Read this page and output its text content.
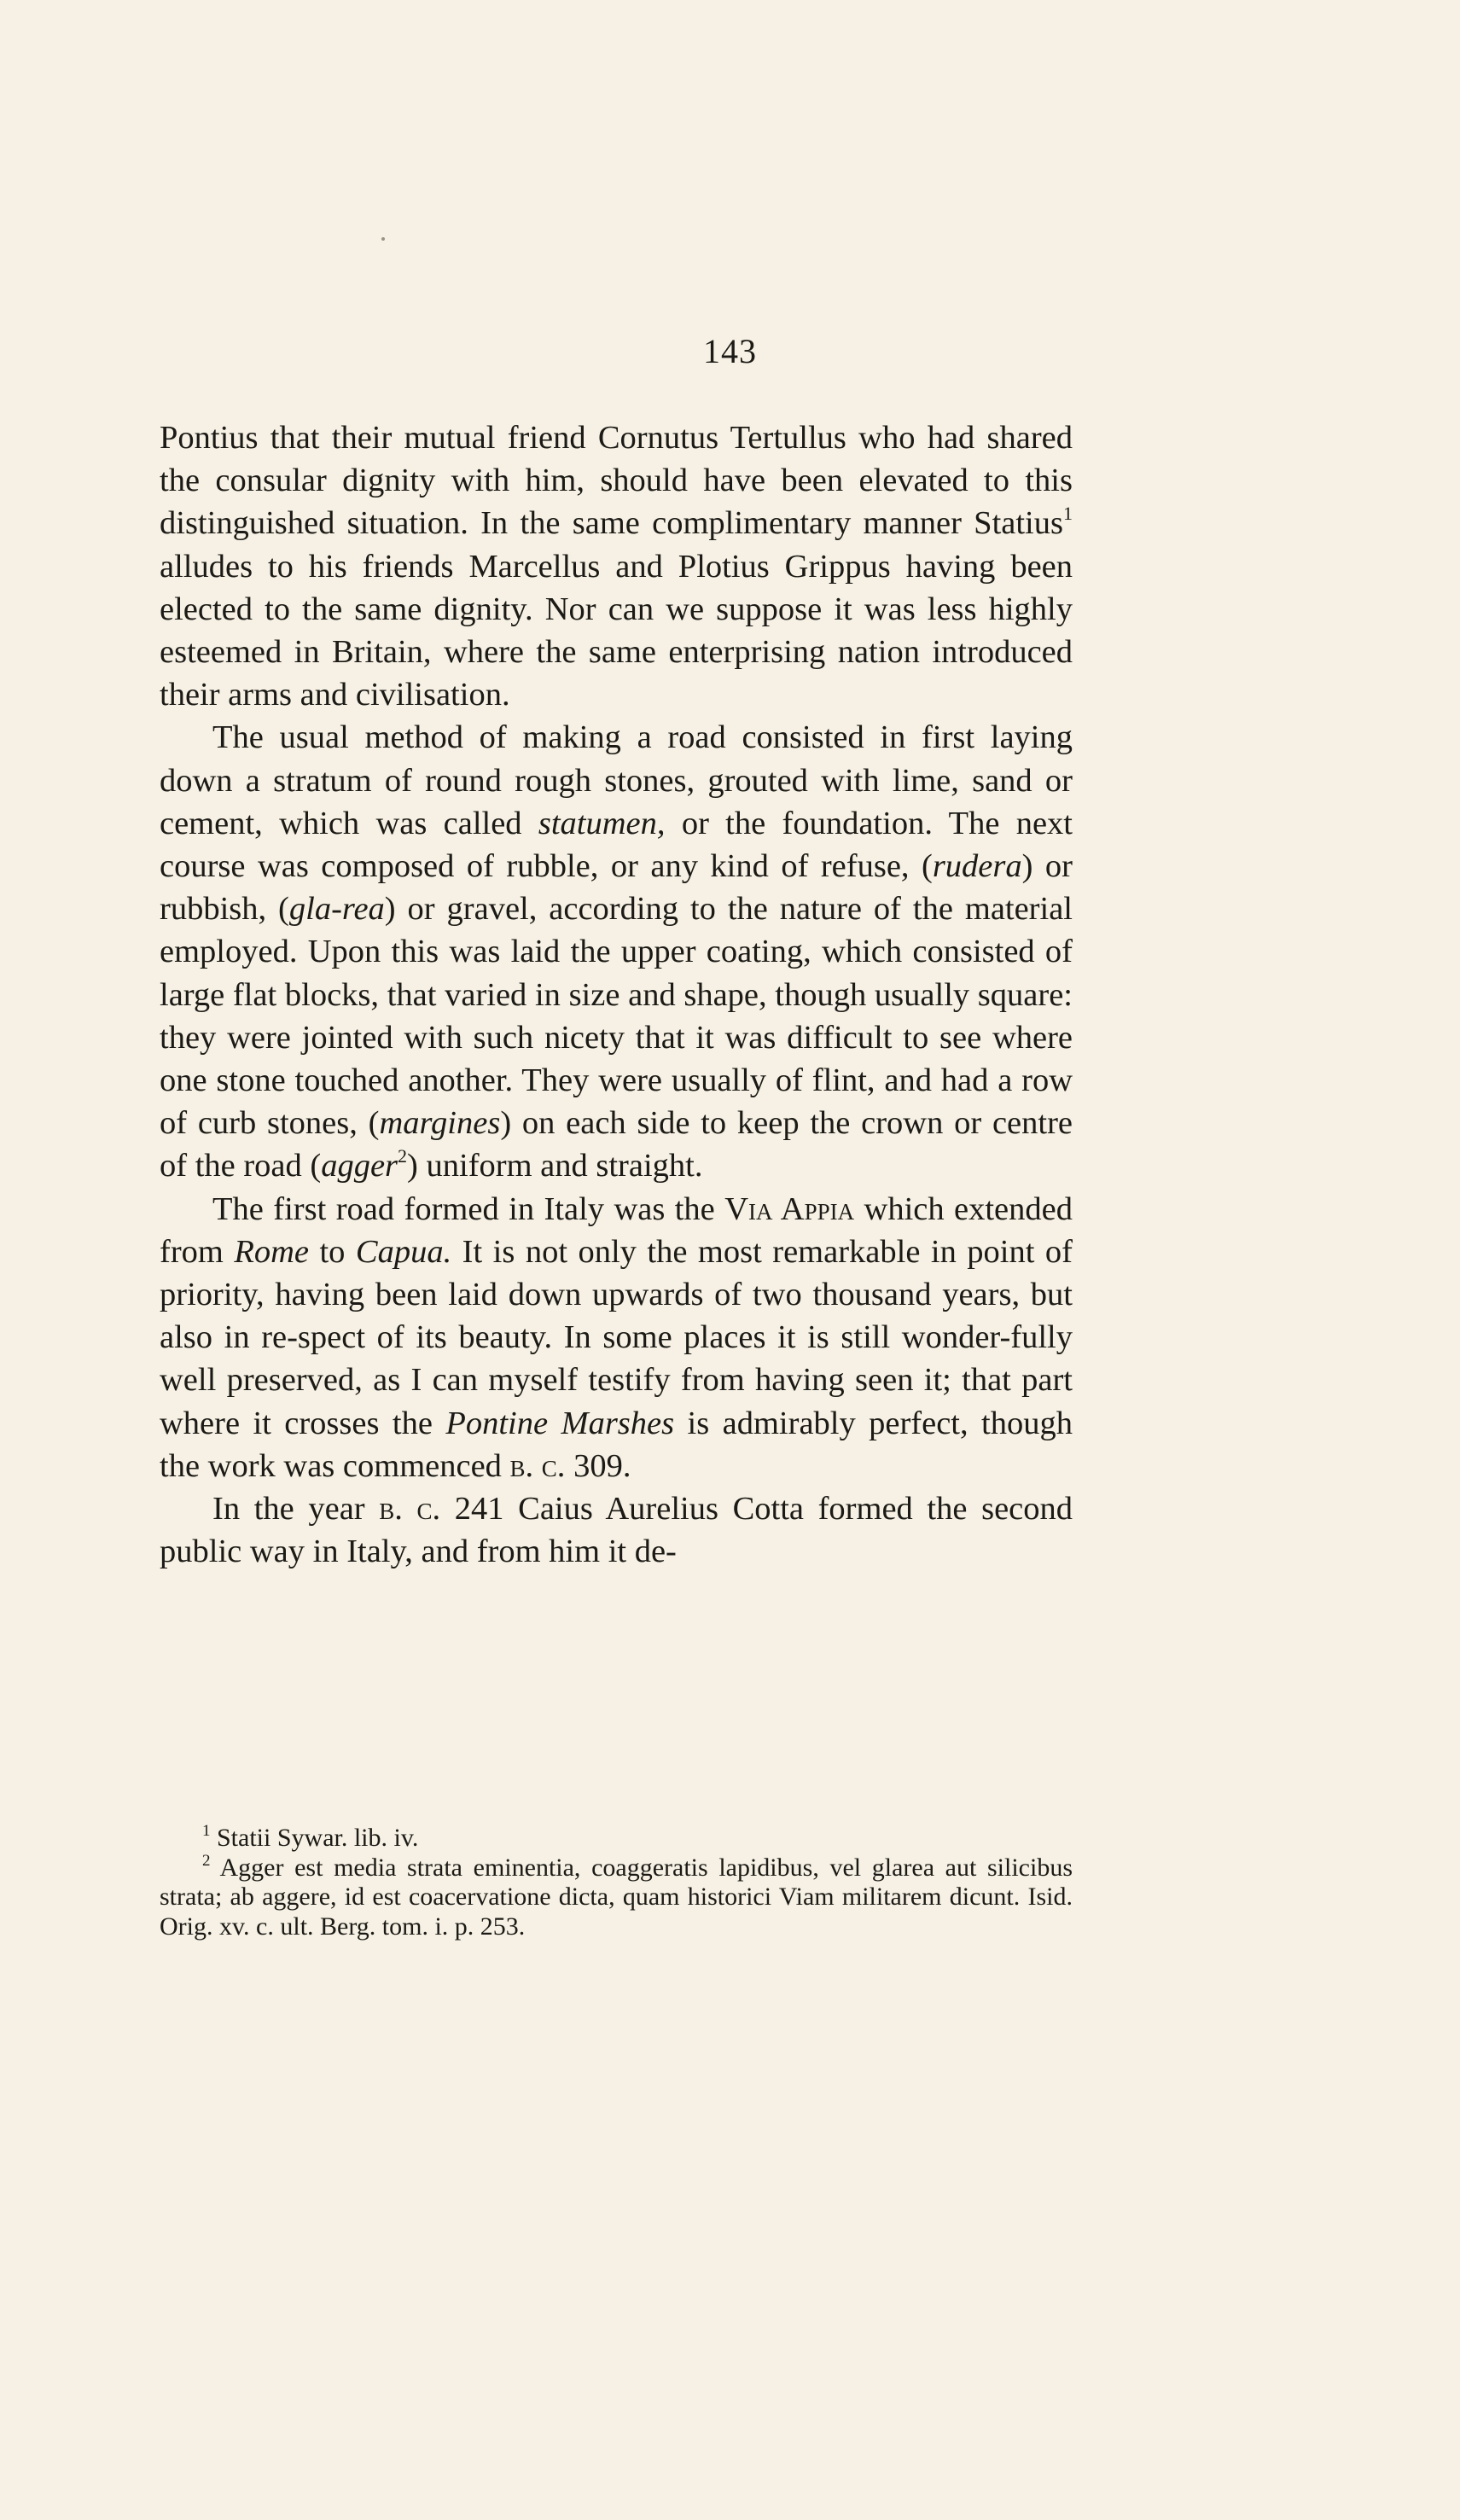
143

Pontius that their mutual friend Cornutus Tertullus who had shared the consular dignity with him, should have been elevated to this distinguished situation. In the same complimentary manner Statius$^1$ alludes to his friends Marcellus and Plotius Grippus having been elected to the same dignity. Nor can we suppose it was less highly esteemed in Britain, where the same enterprising nation introduced their arms and civilisation.

The usual method of making a road consisted in first laying down a stratum of round rough stones, grouted with lime, sand or cement, which was called statumen, or the foundation. The next course was composed of rubble, or any kind of refuse, (rudera) or rubbish, (gla-rea) or gravel, according to the nature of the material employed. Upon this was laid the upper coating, which consisted of large flat blocks, that varied in size and shape, though usually square: they were jointed with such nicety that it was difficult to see where one stone touched another. They were usually of flint, and had a row of curb stones, (margines) on each side to keep the crown or centre of the road (agger$^2$) uniform and straight.

The first road formed in Italy was the Via Appia which extended from Rome to Capua. It is not only the most remarkable in point of priority, having been laid down upwards of two thousand years, but also in re-spect of its beauty. In some places it is still wonder-fully well preserved, as I can myself testify from having seen it; that part where it crosses the Pontine Marshes is admirably perfect, though the work was commenced b. c. 309.

In the year b. c. 241 Caius Aurelius Cotta formed the second public way in Italy, and from him it de-

$^1$ Statii Sywar. lib. iv.

$^2$ Agger est media strata eminentia, coaggeratis lapidibus, vel glarea aut silicibus strata; ab aggere, id est coacervatione dicta, quam historici Viam militarem dicunt. Isid. Orig. xv. c. ult. Berg. tom. i. p. 253.
